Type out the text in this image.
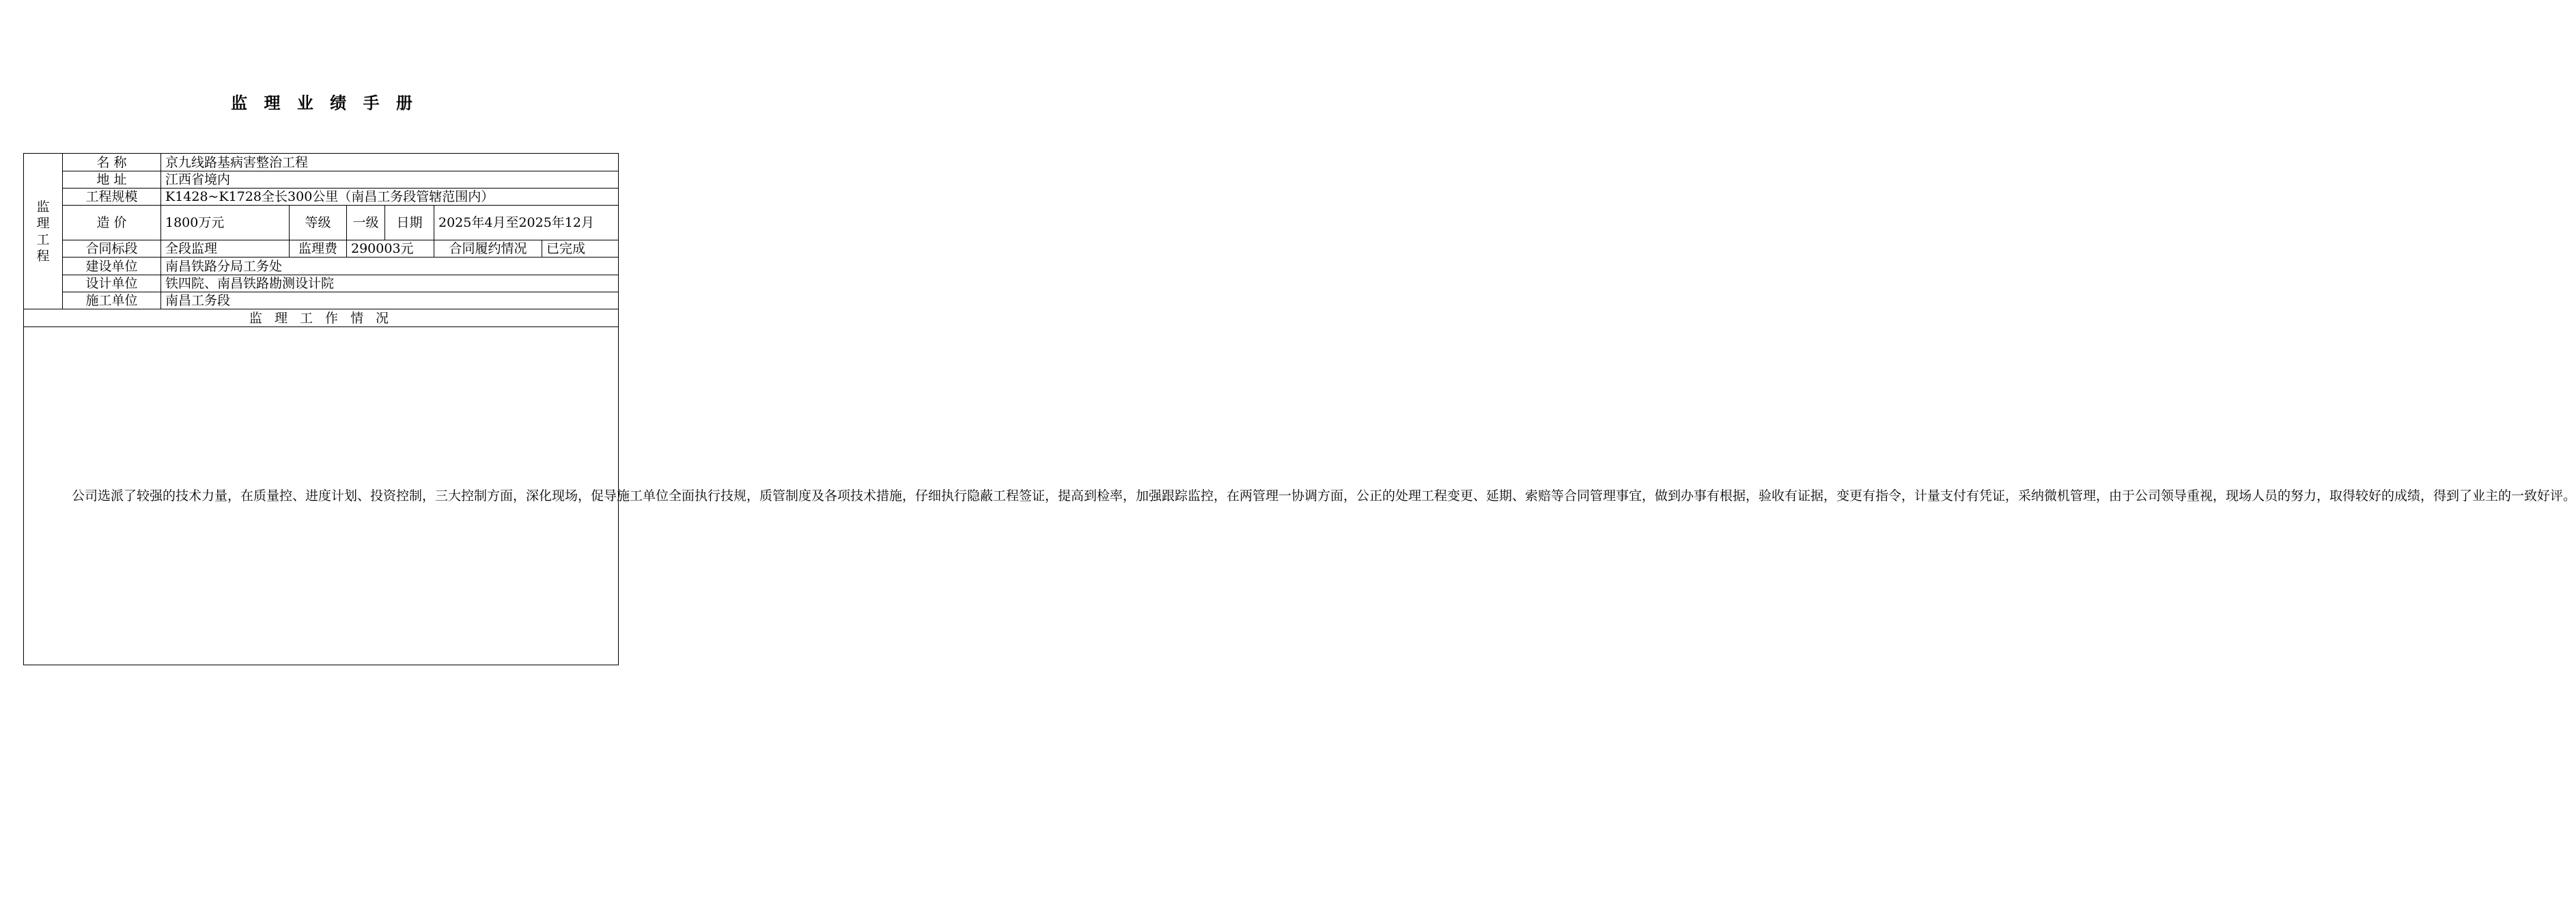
监 理 业 绩 手 册
监
理
工
程	名 称	京九线路基病害整治工程					
	地 址	江西省境内					
	工程规模	K1428~K1728全长300公里（南昌工务段管辖范围内）					
	造 价	1800万元	等级	一级	日期	2025年4月至2025年12月	
	合同标段	全段监理	监理费	290003元		合同履约情况	已完成
	建设单位	南昌铁路分局工务处					
	设计单位	铁四院、南昌铁路勘测设计院					
	施工单位	南昌工务段					
监 理 工 作 情 况							
公司选派了较强的技术力量，在质量控、进度计划、投资控制，三大控制方面，深化现场，促导施工单位全面执行技规，质管制度及各项技术措施，仔细执行隐蔽工程签证，提高到检率，加强跟踪监控，在两管理一协调方面，公正的处理工程变更、延期、索赔等合同管理事宜，做到办事有根据，验收有证据，变更有指令，计量支付有凭证，采纳微机管理，由于公司领导重视，现场人员的努力，取得较好的成绩，得到了业主的一致好评。							
